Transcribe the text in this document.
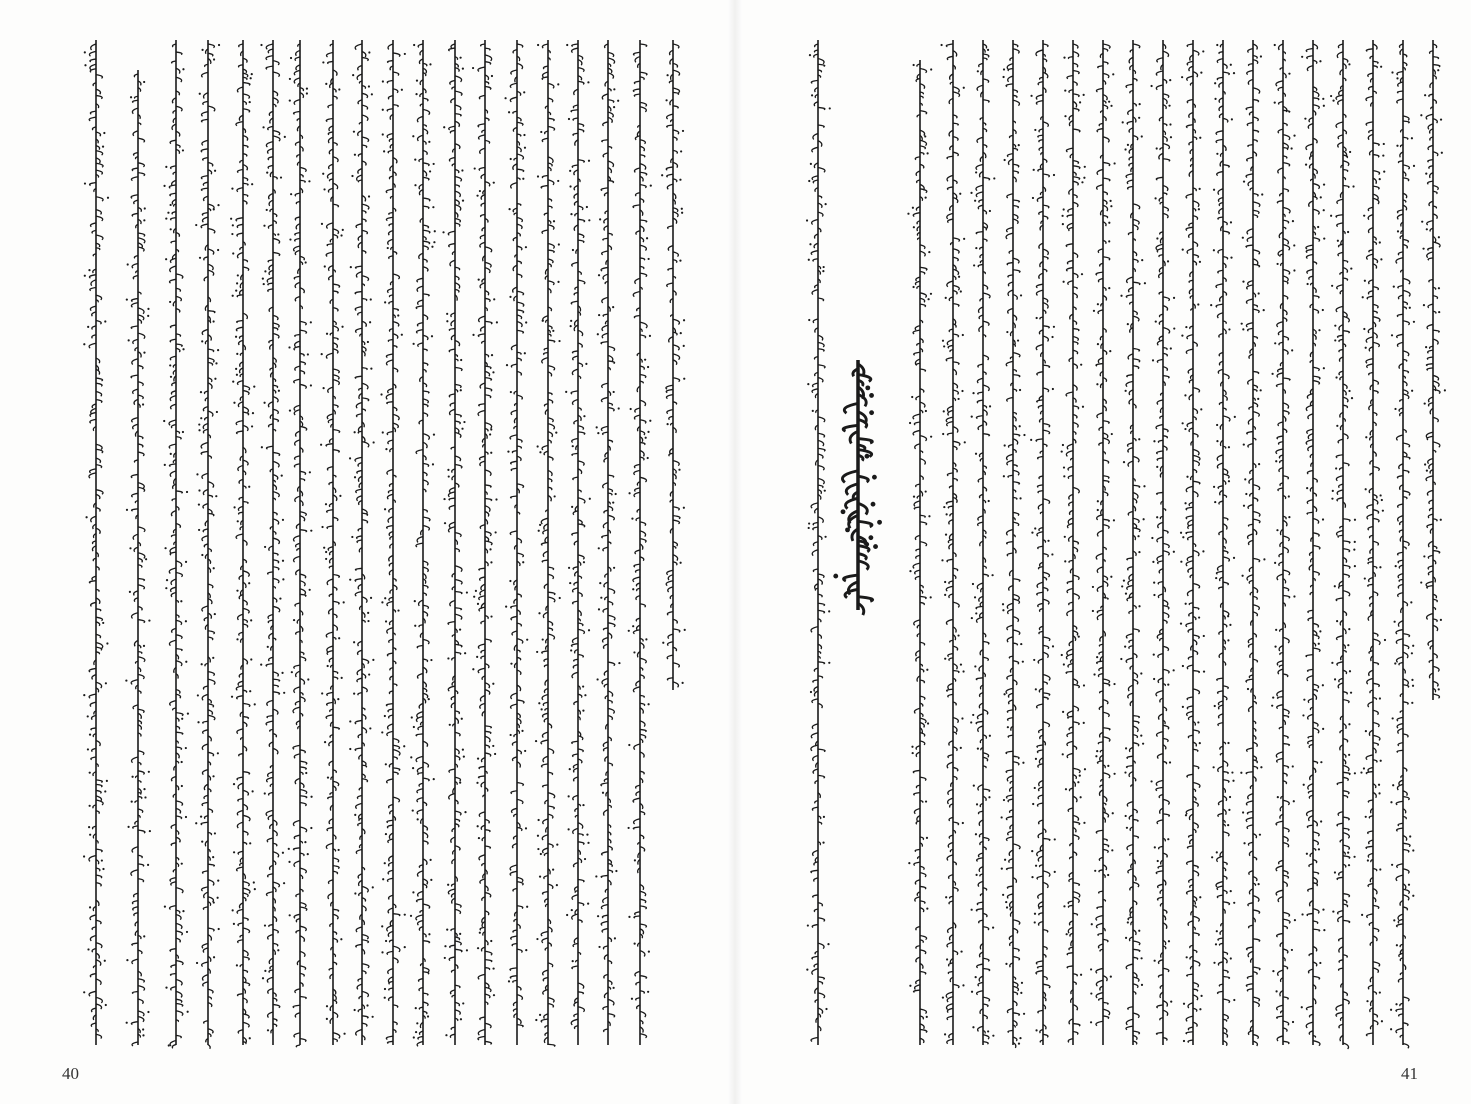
40	41
